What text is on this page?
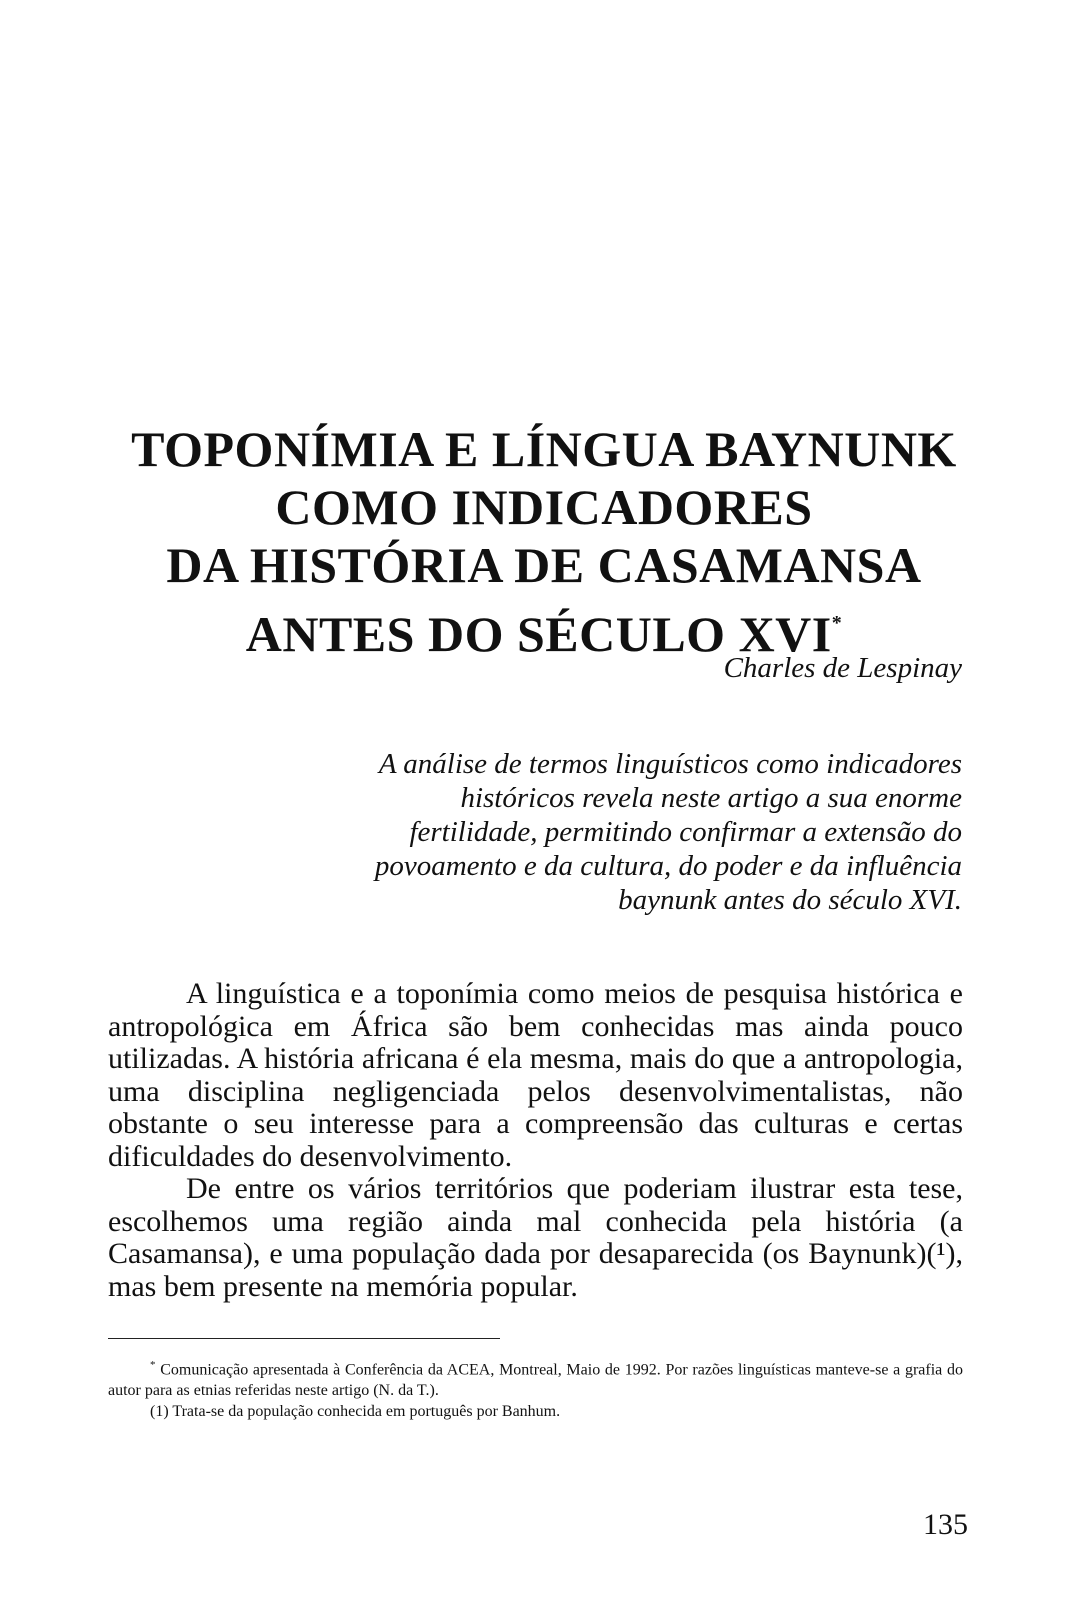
TOPONÍMIA E LÍNGUA BAYNUNK
COMO INDICADORES
DA HISTÓRIA DE CASAMANSA
ANTES DO SÉCULO XVI*

Charles de Lespinay

A análise de termos linguísticos como indicadores
históricos revela neste artigo a sua enorme
fertilidade, permitindo confirmar a extensão do
povoamento e da cultura, do poder e da influência
baynunk antes do século XVI.

A linguística e a toponímia como meios de pesquisa histórica e antropológica em África são bem conhecidas mas ainda pouco utilizadas. A história africana é ela mesma, mais do que a antropologia, uma disciplina negligenciada pelos desenvolvimentalistas, não obstante o seu interesse para a compreensão das culturas e certas dificuldades do desenvolvimento.

De entre os vários territórios que poderiam ilustrar esta tese, escolhemos uma região ainda mal conhecida pela história (a Casamansa), e uma população dada por desaparecida (os Baynunk)(¹), mas bem presente na memória popular.

* Comunicação apresentada à Conferência da ACEA, Montreal, Maio de 1992. Por razões linguísticas manteve-se a grafia do autor para as etnias referidas neste artigo (N. da T.).

(1) Trata-se da população conhecida em português por Banhum.

135
